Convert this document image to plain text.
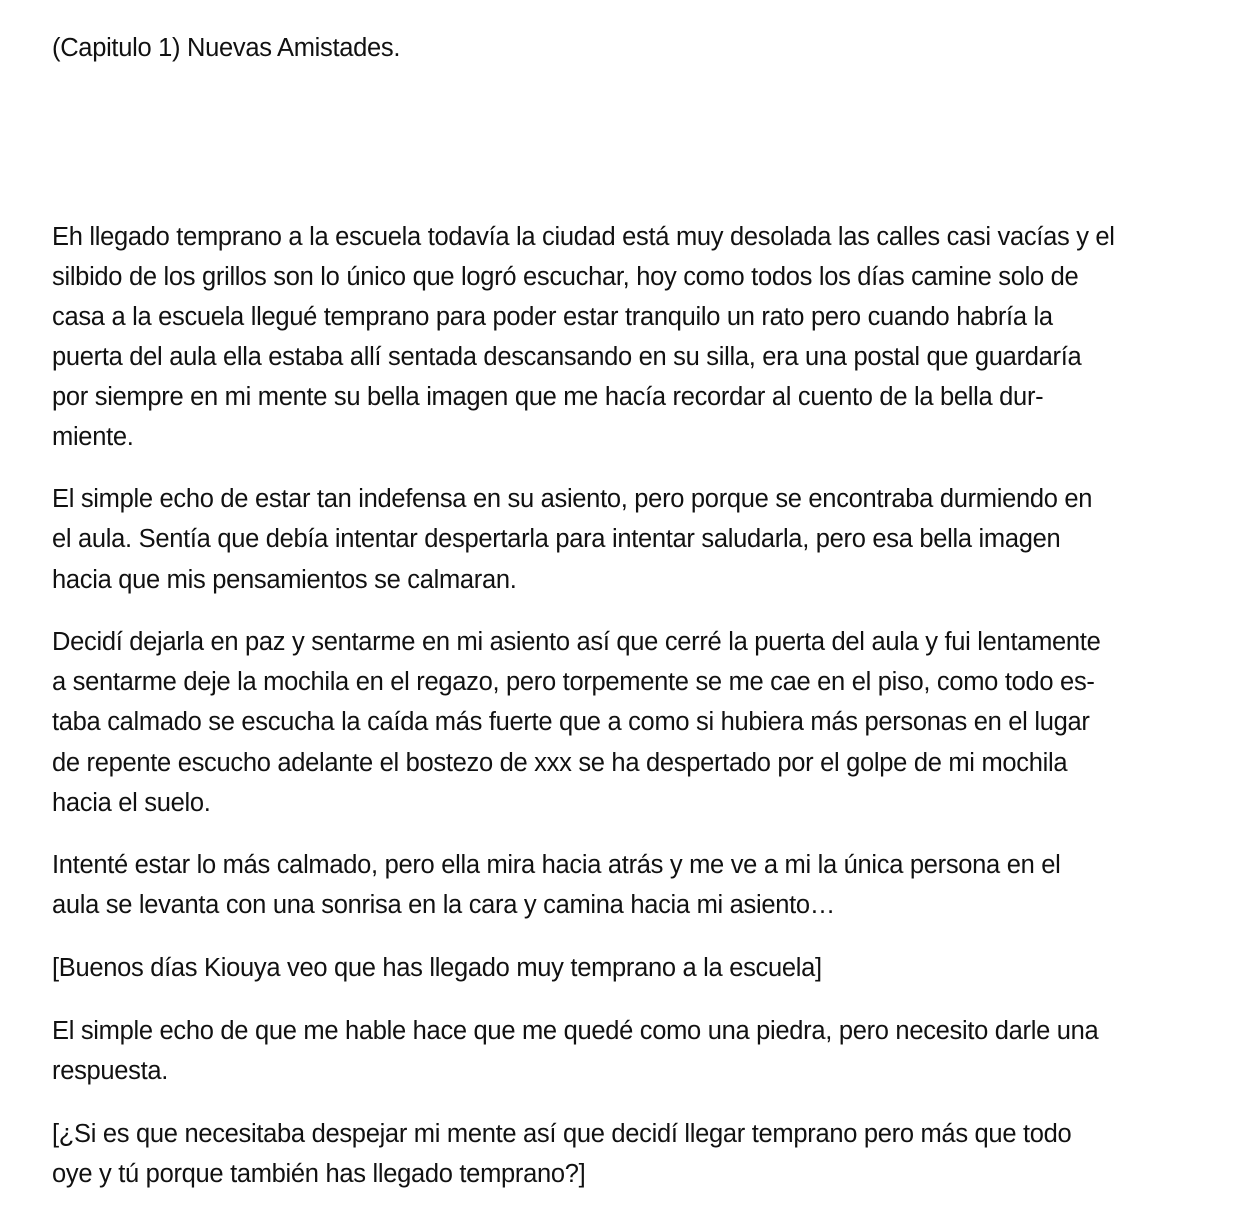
(Capitulo 1) Nuevas Amistades.

Eh llegado temprano a la escuela todavía la ciudad está muy desolada las calles casi vacías y el

silbido de los grillos son lo único que logró escuchar, hoy como todos los días camine solo de

casa a la escuela llegué temprano para poder estar tranquilo un rato pero cuando habría la

puerta del aula ella estaba allí sentada descansando en su silla, era una postal que guardaría

por siempre en mi mente su bella imagen que me hacía recordar al cuento de la bella dur-

miente.

El simple echo de estar tan indefensa en su asiento, pero porque se encontraba durmiendo en

el aula. Sentía que debía intentar despertarla para intentar saludarla, pero esa bella imagen

hacia que mis pensamientos se calmaran.

Decidí dejarla en paz y sentarme en mi asiento así que cerré la puerta del aula y fui lentamente

a sentarme deje la mochila en el regazo, pero torpemente se me cae en el piso, como todo es-

taba calmado se escucha la caída más fuerte que a como si hubiera más personas en el lugar

de repente escucho adelante el bostezo de xxx se ha despertado por el golpe de mi mochila

hacia el suelo.

Intenté estar lo más calmado, pero ella mira hacia atrás y me ve a mi la única persona en el

aula se levanta con una sonrisa en la cara y camina hacia mi asiento…

[Buenos días Kiouya veo que has llegado muy temprano a la escuela]

El simple echo de que me hable hace que me quedé como una piedra, pero necesito darle una

respuesta.

[¿Si es que necesitaba despejar mi mente así que decidí llegar temprano pero más que todo

oye y tú porque también has llegado temprano?]
